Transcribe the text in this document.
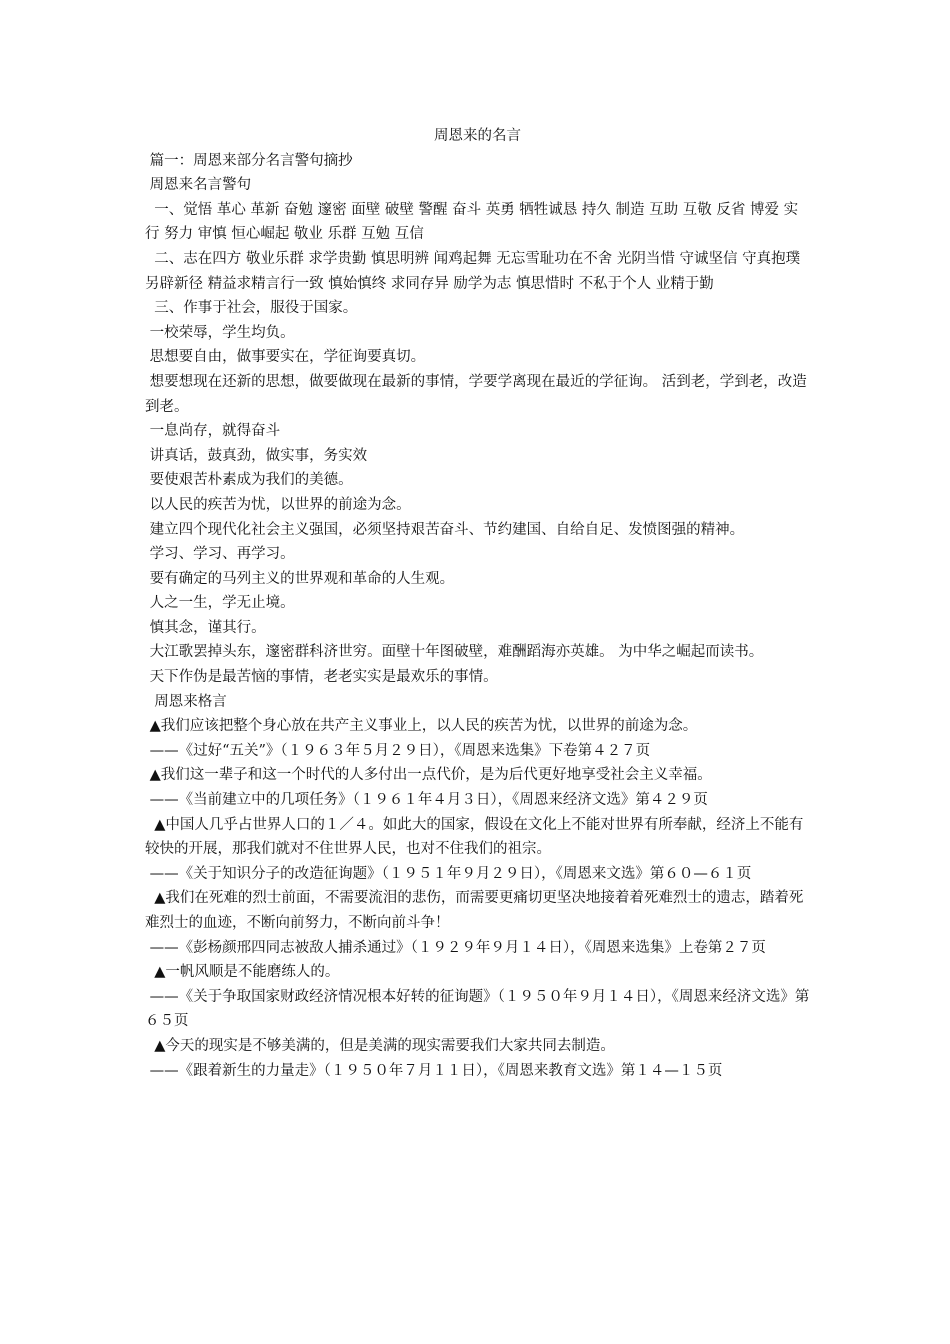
周恩来的名言

篇一：周恩来部分名言警句摘抄

周恩来名言警句

一、觉悟 革心 革新 奋勉 邃密 面壁 破壁 警醒 奋斗 英勇 牺牲诚恳 持久 制造 互助 互敬 反省 博爱 实行 努力 审慎 恒心崛起 敬业 乐群 互勉 互信

二、志在四方 敬业乐群 求学贵勤 慎思明辨 闻鸡起舞 无忘雪耻功在不舍 光阴当惜 守诚坚信 守真抱璞 另辟新径 精益求精言行一致 慎始慎终 求同存异 励学为志 慎思惜时 不私于个人 业精于勤

三、作事于社会，服役于国家。

一校荣辱，学生均负。

思想要自由，做事要实在，学征询要真切。

想要想现在还新的思想，做要做现在最新的事情，学要学离现在最近的学征询。 活到老，学到老，改造到老。

一息尚存，就得奋斗

讲真话，鼓真劲，做实事，务实效

要使艰苦朴素成为我们的美德。

以人民的疾苦为忧，以世界的前途为念。

建立四个现代化社会主义强国，必须坚持艰苦奋斗、节约建国、自给自足、发愤图强的精神。

学习、学习、再学习。

要有确定的马列主义的世界观和革命的人生观。

人之一生，学无止境。

慎其念，谨其行。

大江歌罢掉头东，邃密群科济世穷。面壁十年图破壁，难酬蹈海亦英雄。 为中华之崛起而读书。

天下作伪是最苦恼的事情，老老实实是最欢乐的事情。

周恩来格言

▲我们应该把整个身心放在共产主义事业上，以人民的疾苦为忧，以世界的前途为念。

——《过好“五关”》（１９６３年５月２９日），《周恩来选集》下卷第４２７页

▲我们这一辈子和这一个时代的人多付出一点代价，是为后代更好地享受社会主义幸福。

——《当前建立中的几项任务》（１９６１年４月３日），《周恩来经济文选》第４２９页

▲中国人几乎占世界人口的１／４。如此大的国家，假设在文化上不能对世界有所奉献，经济上不能有较快的开展，那我们就对不住世界人民，也对不住我们的祖宗。

——《关于知识分子的改造征询题》（１９５１年９月２９日），《周恩来文选》第６０—６１页

▲我们在死难的烈士前面，不需要流泪的悲伤，而需要更痛切更坚决地接着着死难烈士的遗志，踏着死难烈士的血迹，不断向前努力，不断向前斗争！

——《彭杨颜邢四同志被敌人捕杀通过》（１９２９年９月１４日），《周恩来选集》上卷第２７页

▲一帆风顺是不能磨练人的。

——《关于争取国家财政经济情况根本好转的征询题》（１９５０年９月１４日），《周恩来经济文选》第６５页

▲今天的现实是不够美满的，但是美满的现实需要我们大家共同去制造。

——《跟着新生的力量走》（１９５０年７月１１日），《周恩来教育文选》第１４—１５页
